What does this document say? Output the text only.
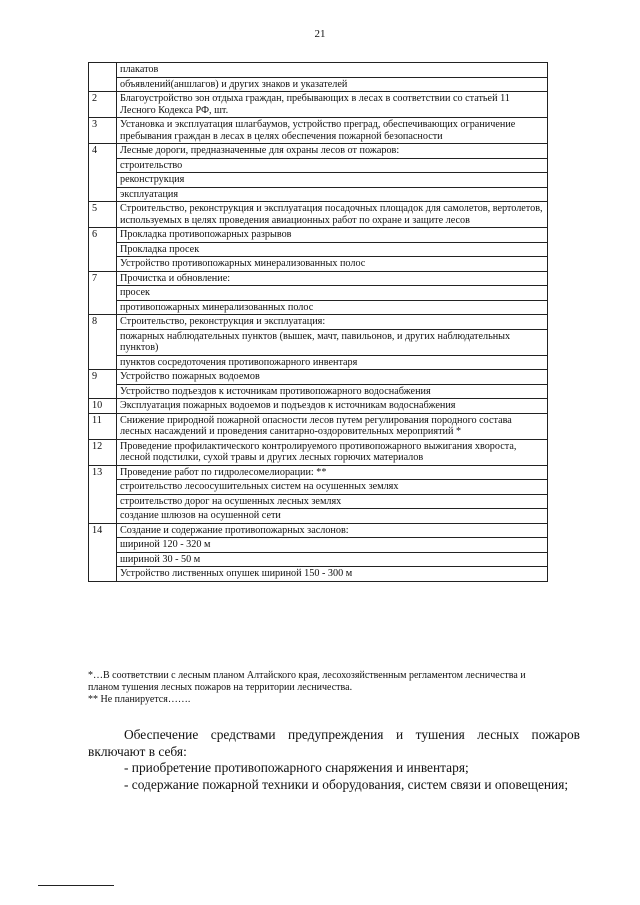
21
	плакатов
	объявлений(аншлагов) и других знаков и указателей
2	Благоустройство зон отдыха граждан, пребывающих в лесах в соответствии со статьей 11 Лесного Кодекса РФ, шт.
3	Установка и эксплуатация шлагбаумов, устройство преград, обеспечивающих ограничение пребывания граждан в лесах в целях обеспечения пожарной безопасности
4	Лесные дороги, предназначенные для охраны лесов от пожаров:
	строительство
	реконструкция
	эксплуатация
5	Строительство, реконструкция и эксплуатация посадочных площадок для самолетов, вертолетов, используемых в целях проведения авиационных работ по охране и защите лесов
6	Прокладка противопожарных разрывов
	Прокладка просек
	Устройство противопожарных минерализованных полос
7	Прочистка и обновление:
	просек
	противопожарных минерализованных полос
8	Строительство, реконструкция и эксплуатация:
	пожарных наблюдательных пунктов (вышек, мачт, павильонов, и других наблюдательных пунктов)
	пунктов сосредоточения противопожарного инвентаря
9	Устройство пожарных водоемов
	Устройство подъездов к источникам противопожарного водоснабжения
10	Эксплуатация пожарных водоемов и подъездов к источникам водоснабжения
11	Снижение природной пожарной опасности лесов путем регулирования породного состава лесных насаждений и проведения санитарно-оздоровительных мероприятий *
12	Проведение профилактического контролируемого противопожарного выжигания хвороста, лесной подстилки, сухой травы и других лесных горючих материалов
13	Проведение работ по гидролесомелиорации: **
	строительство лесоосушительных систем на осушенных землях
	строительство дорог на осушенных лесных землях
	создание шлюзов на осушенной сети
14	Создание и содержание противопожарных заслонов:
	шириной 120 - 320 м
	шириной 30 - 50 м
	Устройство лиственных опушек шириной 150 - 300 м

*…В соответствии с лесным планом Алтайского края, лесохозяйственным регламентом лесничества и планом тушения лесных пожаров на территории лесничества.

** Не планируется…….

Обеспечение средствами предупреждения и тушения лесных пожаров включают в себя:

- приобретение противопожарного снаряжения и инвентаря;

- содержание пожарной техники и оборудования, систем связи и оповещения;
